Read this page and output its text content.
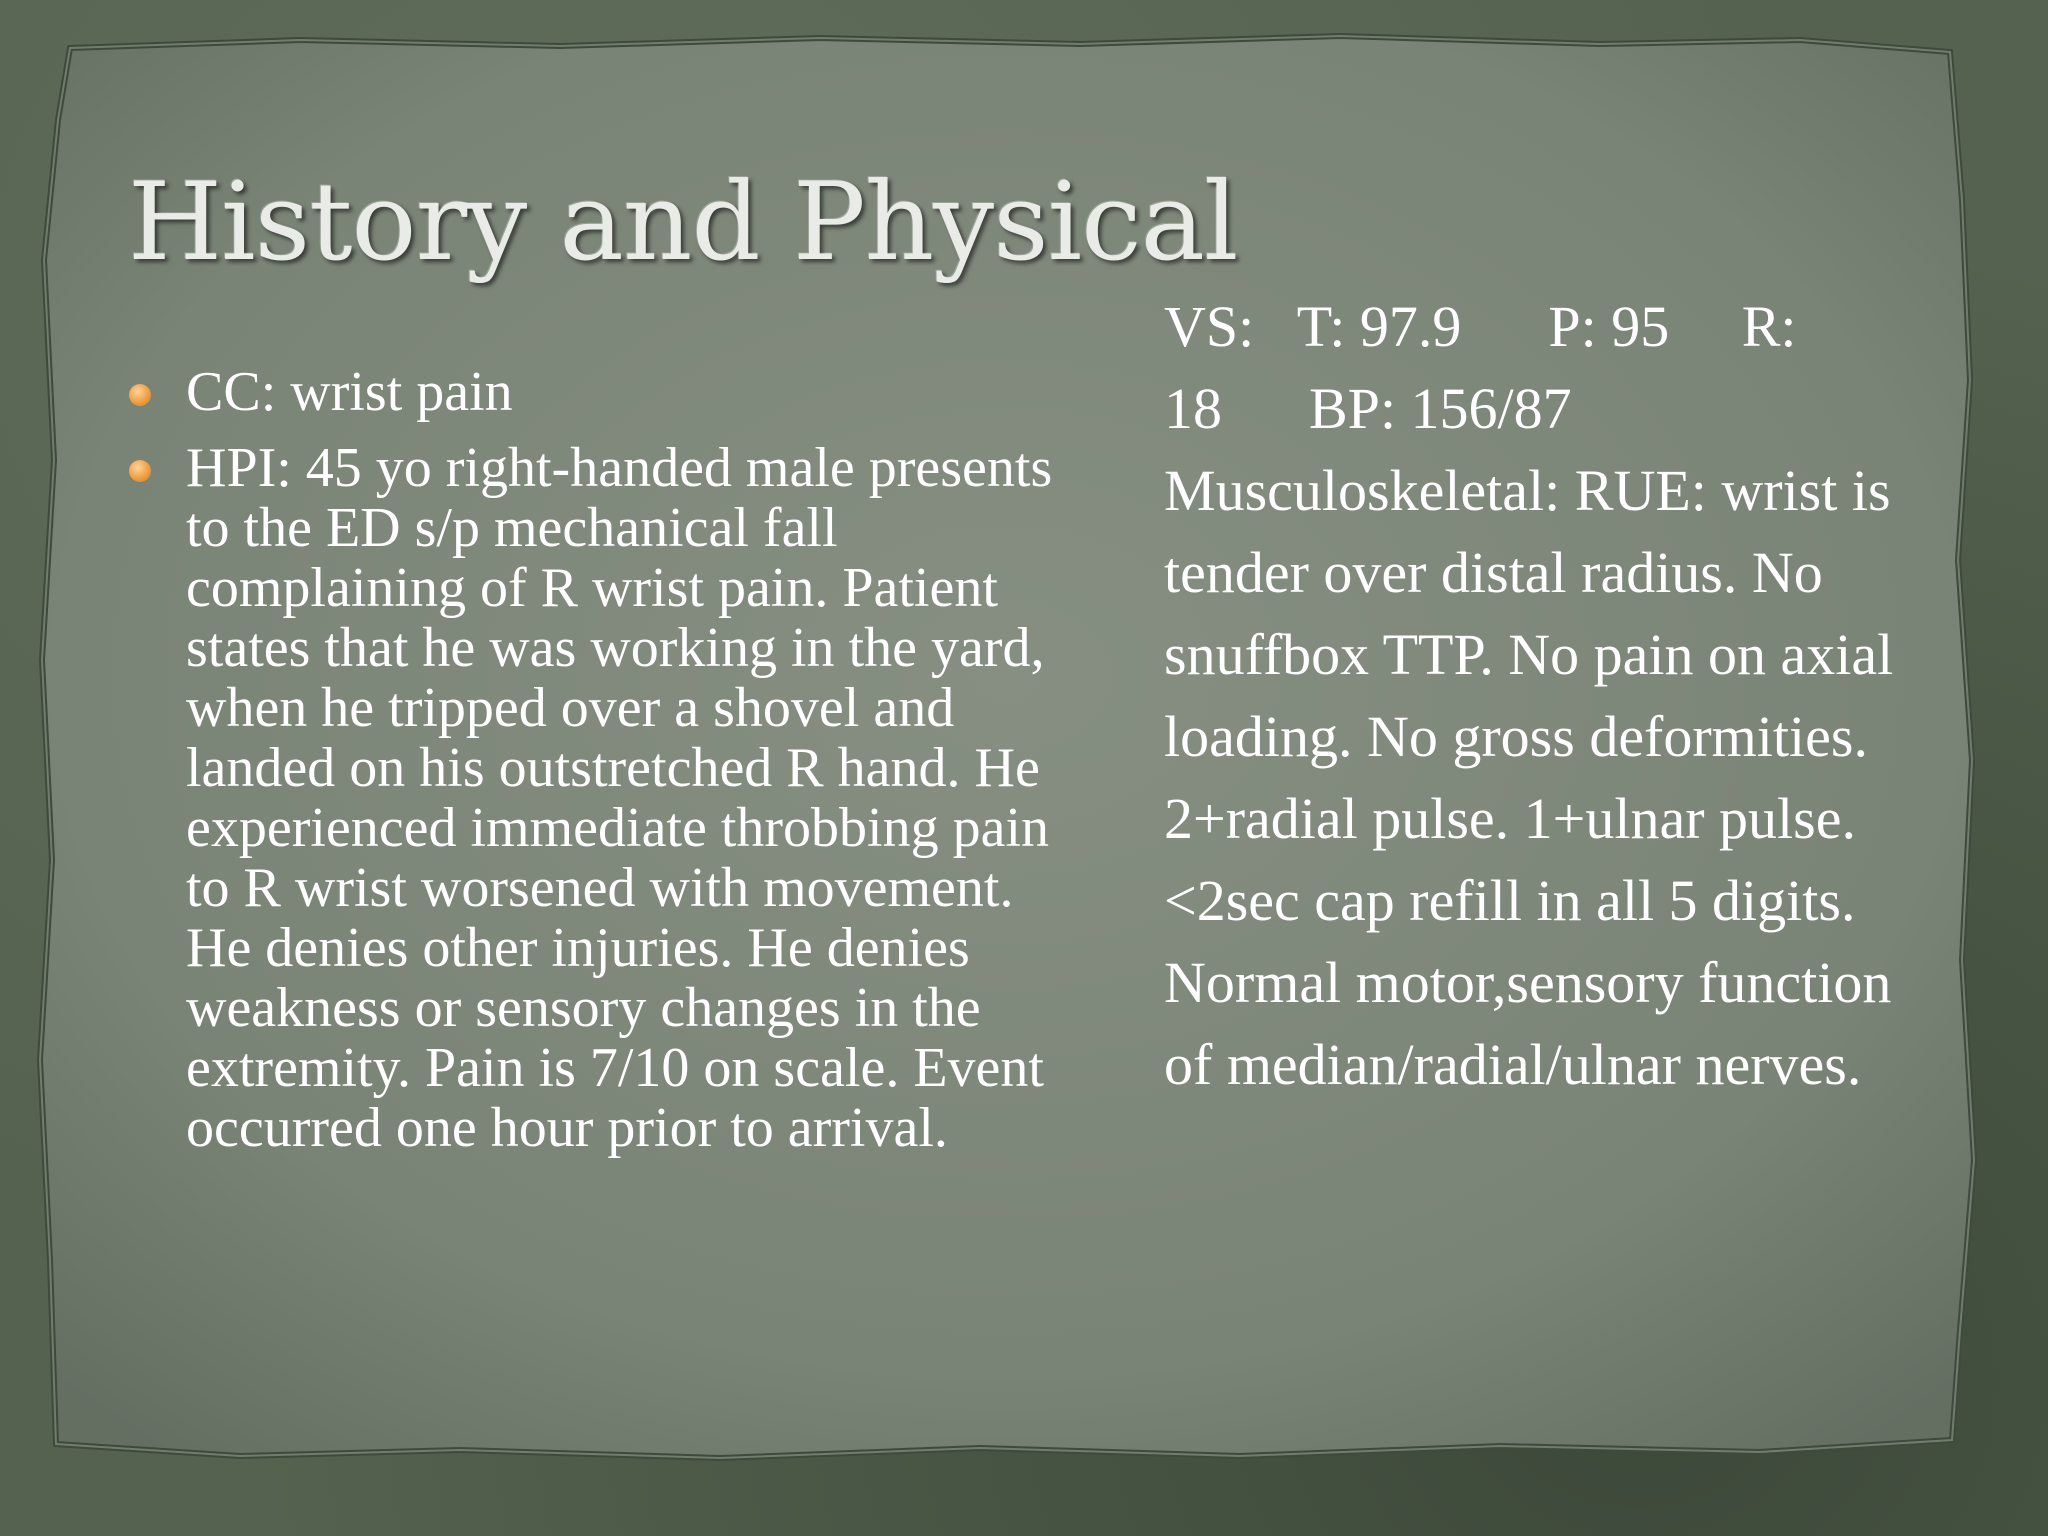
History and Physical
CC: wrist pain
HPI: 45 yo right-handed male presents to the ED s/p mechanical fall complaining of R wrist pain. Patient states that he was working in the yard, when he tripped over a shovel and landed on his outstretched R hand. He experienced immediate throbbing pain to R wrist worsened with movement. He denies other injuries. He denies weakness or sensory changes in the extremity. Pain is 7/10 on scale. Event occurred one hour prior to arrival.
VS:   T: 97.9      P: 95     R:
18      BP: 156/87
Musculoskeletal: RUE: wrist is tender over distal radius. No snuffbox TTP. No pain on axial loading. No gross deformities. 2+radial pulse. 1+ulnar pulse. <2sec cap refill in all 5 digits. Normal motor,sensory function of median/radial/ulnar nerves.
